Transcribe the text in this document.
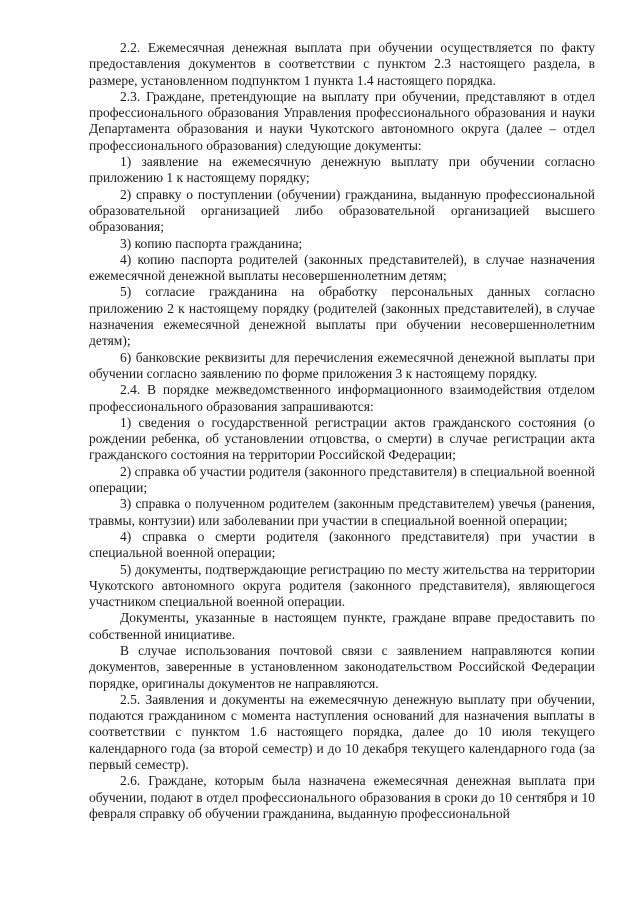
2.2. Ежемесячная денежная выплата при обучении осуществляется по факту предоставления документов в соответствии с пунктом 2.3 настоящего раздела, в размере, установленном подпунктом 1 пункта 1.4 настоящего порядка.

2.3. Граждане, претендующие на выплату при обучении, представляют в отдел профессионального образования Управления профессионального образования и науки Департамента образования и науки Чукотского автономного округа (далее – отдел профессионального образования) следующие документы:

1) заявление на ежемесячную денежную выплату при обучении согласно приложению 1 к настоящему порядку;

2) справку о поступлении (обучении) гражданина, выданную профессиональной образовательной организацией либо образовательной организацией высшего образования;

3) копию паспорта гражданина;

4) копию паспорта родителей (законных представителей), в случае назначения ежемесячной денежной выплаты несовершеннолетним детям;

5) согласие гражданина на обработку персональных данных согласно приложению 2 к настоящему порядку (родителей (законных представителей), в случае назначения ежемесячной денежной выплаты при обучении несовершеннолетним детям);

6) банковские реквизиты для перечисления ежемесячной денежной выплаты при обучении согласно заявлению по форме приложения 3 к настоящему порядку.

2.4. В порядке межведомственного информационного взаимодействия отделом профессионального образования запрашиваются:

1) сведения о государственной регистрации актов гражданского состояния (о рождении ребенка, об установлении отцовства, о смерти) в случае регистрации акта гражданского состояния на территории Российской Федерации;

2) справка об участии родителя (законного представителя) в специальной военной операции;

3) справка о полученном родителем (законным представителем) увечья (ранения, травмы, контузии) или заболевании при участии в специальной военной операции;

4) справка о смерти родителя (законного представителя) при участии в специальной военной операции;

5) документы, подтверждающие регистрацию по месту жительства на территории Чукотского автономного округа родителя (законного представителя), являющегося участником специальной военной операции.

Документы, указанные в настоящем пункте, граждане вправе предоставить по собственной инициативе.

В случае использования почтовой связи с заявлением направляются копии документов, заверенные в установленном законодательством Российской Федерации порядке, оригиналы документов не направляются.

2.5. Заявления и документы на ежемесячную денежную выплату при обучении, подаются гражданином с момента наступления оснований для назначения выплаты в соответствии с пунктом 1.6 настоящего порядка, далее до 10 июля текущего календарного года (за второй семестр) и до 10 декабря текущего календарного года (за первый семестр).

2.6. Граждане, которым была назначена ежемесячная денежная выплата при обучении, подают в отдел профессионального образования в сроки до 10 сентября и 10 февраля справку об обучении гражданина, выданную профессиональной
